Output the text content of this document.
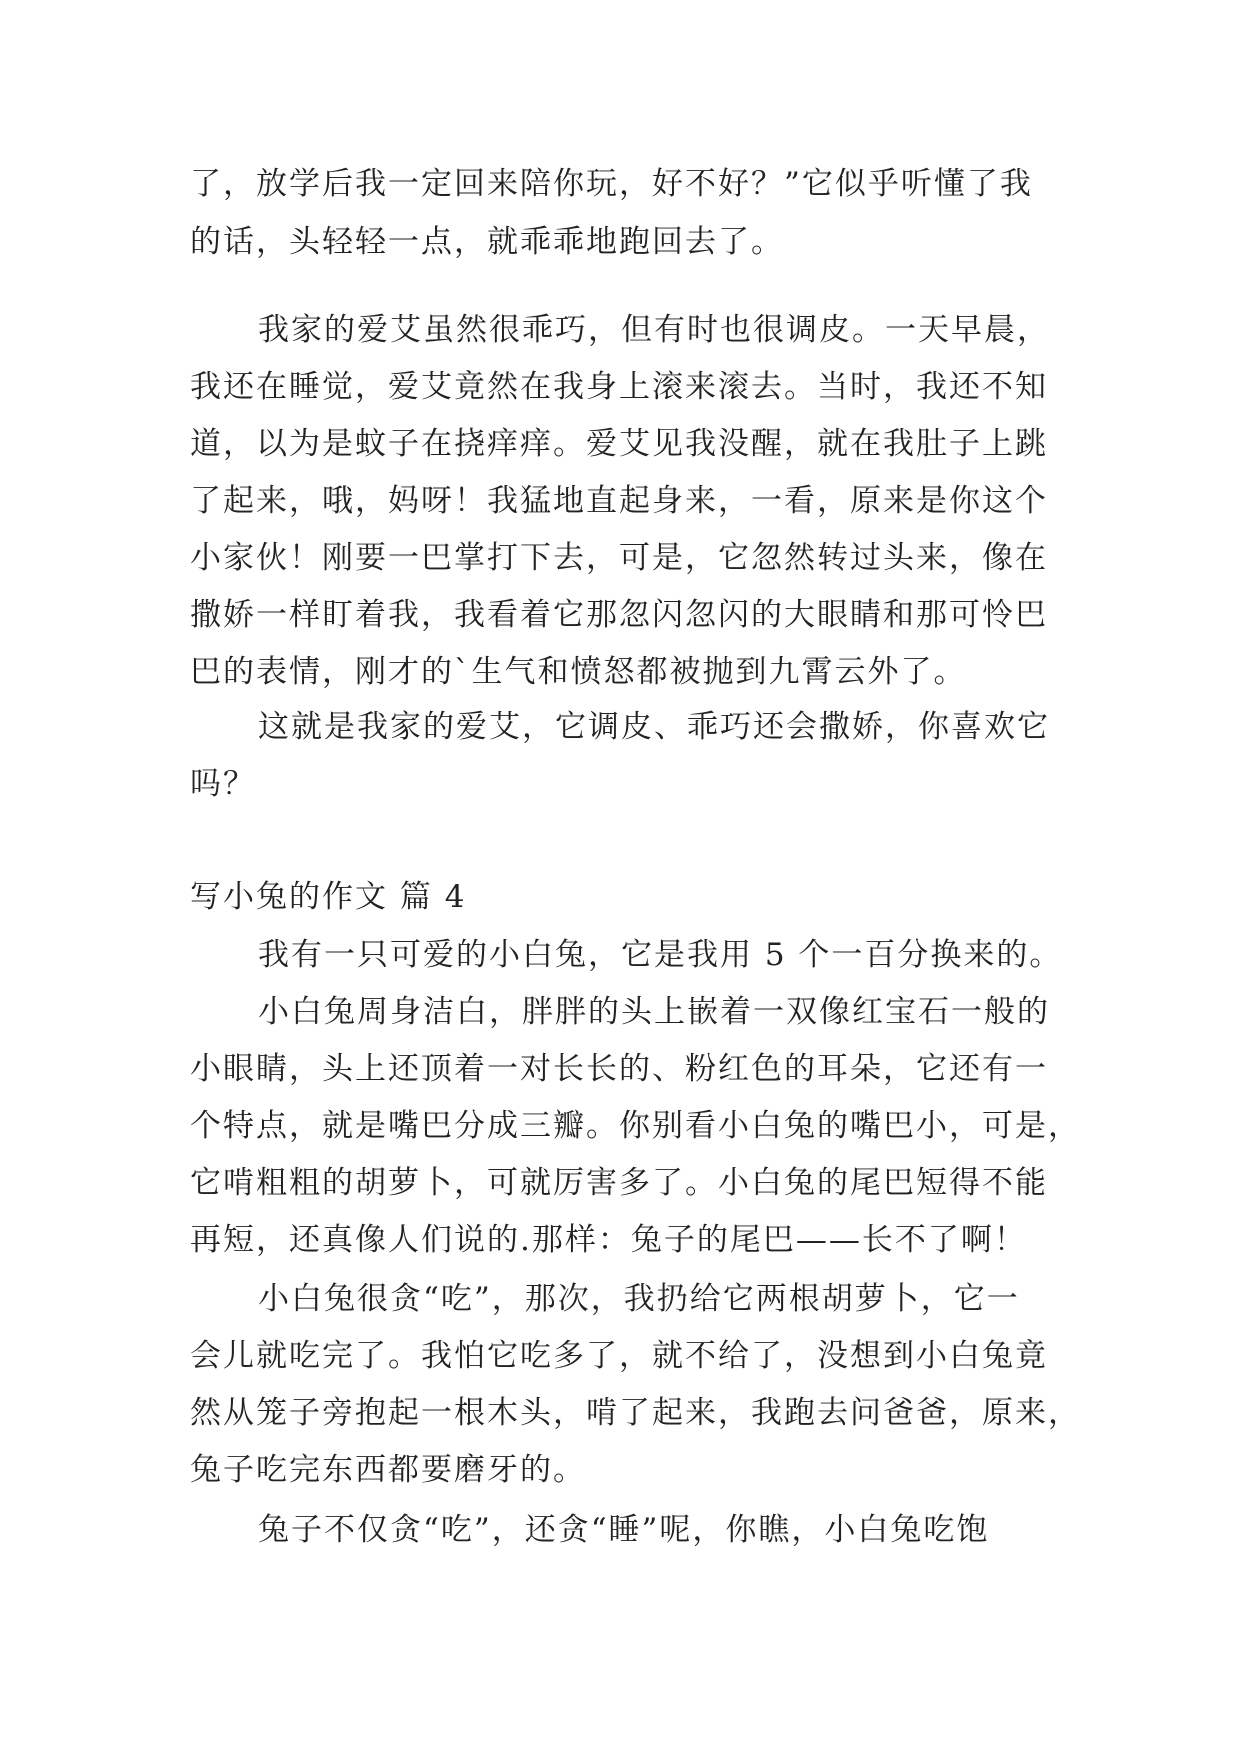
了，放学后我一定回来陪你玩，好不好？”它似乎听懂了我
的话，头轻轻一点，就乖乖地跑回去了。
我家的爱艾虽然很乖巧，但有时也很调皮。一天早晨，
我还在睡觉，爱艾竟然在我身上滚来滚去。当时，我还不知
道，以为是蚊子在挠痒痒。爱艾见我没醒，就在我肚子上跳
了起来，哦，妈呀！我猛地直起身来，一看，原来是你这个
小家伙！刚要一巴掌打下去，可是，它忽然转过头来，像在
撒娇一样盯着我，我看着它那忽闪忽闪的大眼睛和那可怜巴
巴的表情，刚才的`生气和愤怒都被抛到九霄云外了。
这就是我家的爱艾，它调皮、乖巧还会撒娇，你喜欢它
吗？
写小兔的作文 篇 4
我有一只可爱的小白兔，它是我用 5 个一百分换来的。
小白兔周身洁白，胖胖的头上嵌着一双像红宝石一般的
小眼睛，头上还顶着一对长长的、粉红色的耳朵，它还有一
个特点，就是嘴巴分成三瓣。你别看小白兔的嘴巴小，可是，
它啃粗粗的胡萝卜，可就厉害多了。小白兔的尾巴短得不能
再短，还真像人们说的.那样：兔子的尾巴——长不了啊！
小白兔很贪“吃”，那次，我扔给它两根胡萝卜，它一
会儿就吃完了。我怕它吃多了，就不给了，没想到小白兔竟
然从笼子旁抱起一根木头，啃了起来，我跑去问爸爸，原来，
兔子吃完东西都要磨牙的。
兔子不仅贪“吃”，还贪“睡”呢，你瞧，小白兔吃饱
